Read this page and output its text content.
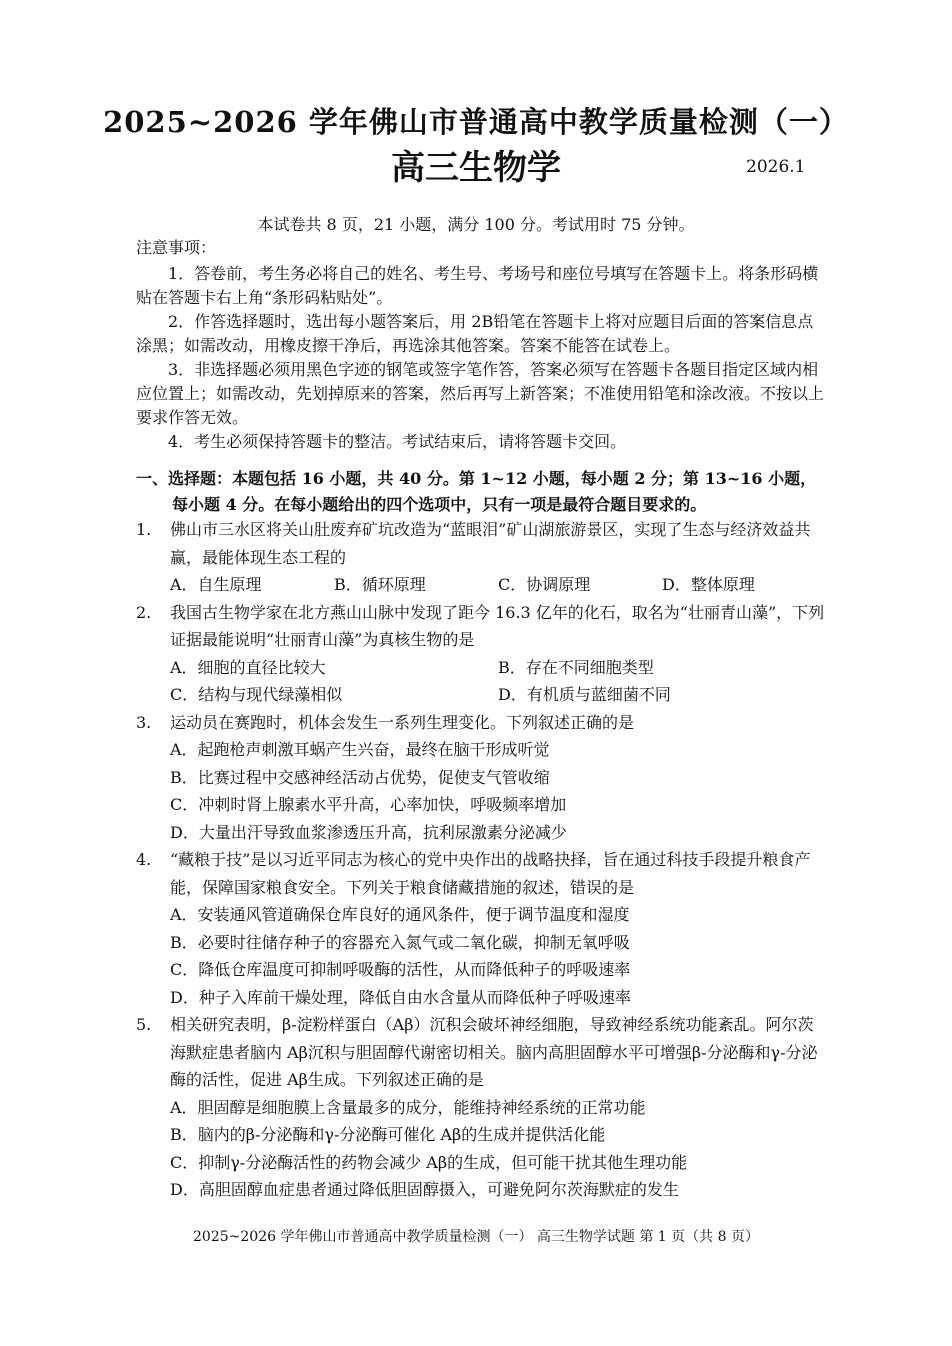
2025~2026 学年佛山市普通高中教学质量检测（一）
高三生物学	2026.1
本试卷共 8 页，21 小题，满分 100 分。考试用时 75 分钟。
注意事项：

1．答卷前，考生务必将自己的姓名、考生号、考场号和座位号填写在答题卡上。将条形码横贴在答题卡右上角“条形码粘贴处”。

2．作答选择题时，选出每小题答案后，用 2B铅笔在答题卡上将对应题目后面的答案信息点涂黑；如需改动，用橡皮擦干净后，再选涂其他答案。答案不能答在试卷上。

3．非选择题必须用黑色字迹的钢笔或签字笔作答，答案必须写在答题卡各题目指定区域内相应位置上；如需改动，先划掉原来的答案，然后再写上新答案；不准使用铅笔和涂改液。不按以上要求作答无效。

4．考生必须保持答题卡的整洁。考试结束后，请将答题卡交回。

一、选择题：本题包括 16 小题，共 40 分。第 1~12 小题，每小题 2 分；第 13~16 小题，每小题 4 分。在每小题给出的四个选项中，只有一项是最符合题目要求的。
1. 佛山市三水区将关山肚废弃矿坑改造为“蓝眼泪”矿山湖旅游景区，实现了生态与经济效益共赢，最能体现生态工程的
A．自生原理	B．循环原理	C．协调原理	D．整体原理
2. 我国古生物学家在北方燕山山脉中发现了距今 16.3 亿年的化石，取名为“壮丽青山藻”，下列证据最能说明“壮丽青山藻”为真核生物的是
A．细胞的直径比较大	B．存在不同细胞类型
C．结构与现代绿藻相似	D．有机质与蓝细菌不同
3. 运动员在赛跑时，机体会发生一系列生理变化。下列叙述正确的是
A．起跑枪声刺激耳蜗产生兴奋，最终在脑干形成听觉
B．比赛过程中交感神经活动占优势，促使支气管收缩
C．冲刺时肾上腺素水平升高，心率加快，呼吸频率增加
D．大量出汗导致血浆渗透压升高，抗利尿激素分泌减少
4. “藏粮于技”是以习近平同志为核心的党中央作出的战略抉择，旨在通过科技手段提升粮食产能，保障国家粮食安全。下列关于粮食储藏措施的叙述，错误的是
A．安装通风管道确保仓库良好的通风条件，便于调节温度和湿度
B．必要时往储存种子的容器充入氮气或二氧化碳，抑制无氧呼吸
C．降低仓库温度可抑制呼吸酶的活性，从而降低种子的呼吸速率
D．种子入库前干燥处理，降低自由水含量从而降低种子呼吸速率
5. 相关研究表明，β-淀粉样蛋白（Aβ）沉积会破坏神经细胞，导致神经系统功能紊乱。阿尔茨海默症患者脑内 Aβ沉积与胆固醇代谢密切相关。脑内高胆固醇水平可增强β-分泌酶和γ-分泌酶的活性，促进 Aβ生成。下列叙述正确的是
A．胆固醇是细胞膜上含量最多的成分，能维持神经系统的正常功能
B．脑内的β-分泌酶和γ-分泌酶可催化 Aβ的生成并提供活化能
C．抑制γ-分泌酶活性的药物会减少 Aβ的生成，但可能干扰其他生理功能
D．高胆固醇血症患者通过降低胆固醇摄入，可避免阿尔茨海默症的发生
2025~2026 学年佛山市普通高中教学质量检测（一） 高三生物学试题 第 1 页（共 8 页）
